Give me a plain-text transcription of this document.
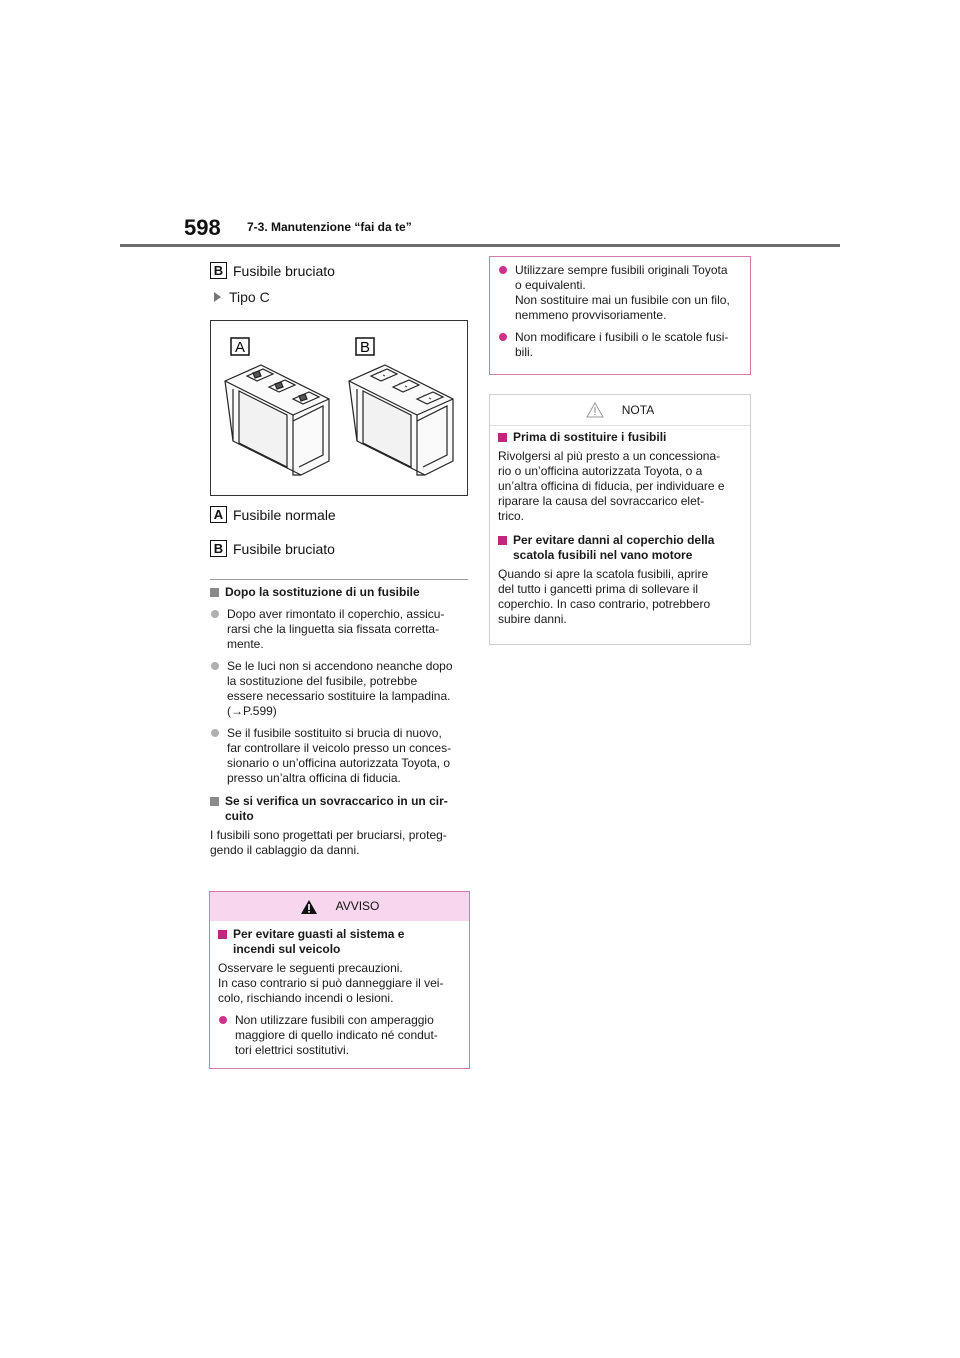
598 7-3. Manutenzione “fai da te”
B Fusibile bruciato
Tipo C
A	B
A Fusibile normale
B Fusibile bruciato
Dopo la sostituzione di un fusibile

Dopo aver rimontato il coperchio, assicu-
rarsi che la linguetta sia fissata corretta-
mente.

Se le luci non si accendono neanche dopo
la sostituzione del fusibile, potrebbe
essere necessario sostituire la lampadina.
(→P.599)

Se il fusibile sostituito si brucia di nuovo,
far controllare il veicolo presso un conces-
sionario o un’officina autorizzata Toyota, o
presso un’altra officina di fiducia.

Se si verifica un sovraccarico in un cir-
cuito

I fusibili sono progettati per bruciarsi, proteg-
gendo il cablaggio da danni.

AVVISO
Per evitare guasti al sistema e
incendi sul veicolo

Osservare le seguenti precauzioni.
In caso contrario si può danneggiare il vei-
colo, rischiando incendi o lesioni.

Non utilizzare fusibili con amperaggio
maggiore di quello indicato né condut-
tori elettrici sostitutivi.

Utilizzare sempre fusibili originali Toyota
o equivalenti.
Non sostituire mai un fusibile con un filo,
nemmeno provvisoriamente.

Non modificare i fusibili o le scatole fusi-
bili.

NOTA
Prima di sostituire i fusibili

Rivolgersi al più presto a un concessiona-
rio o un’officina autorizzata Toyota, o a
un’altra officina di fiducia, per individuare e
riparare la causa del sovraccarico elet-
trico.

Per evitare danni al coperchio della
scatola fusibili nel vano motore

Quando si apre la scatola fusibili, aprire
del tutto i gancetti prima di sollevare il
coperchio. In caso contrario, potrebbero
subire danni.
